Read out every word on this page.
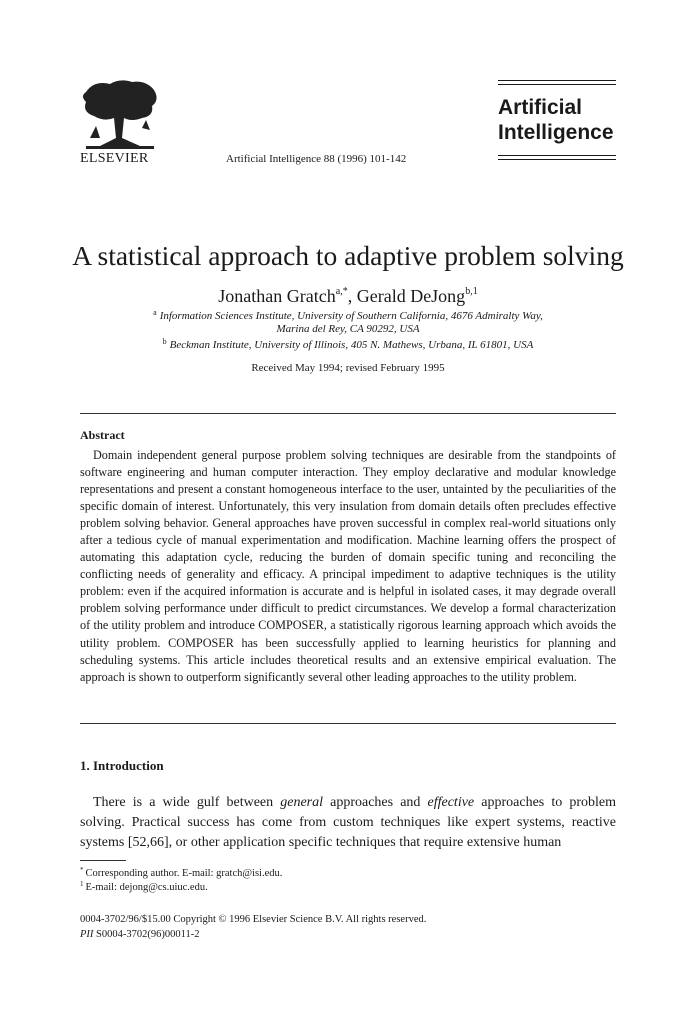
ELSEVIER	Artificial Intelligence 88 (1996) 101-142
Artificial
Intelligence
A statistical approach to adaptive problem solving
Jonathan Gratch$^{a,*}$, Gerald DeJong$^{b,1}$
$^a$ Information Sciences Institute, University of Southern California, 4676 Admiralty Way,
Marina del Rey, CA 90292, USA
$^b$ Beckman Institute, University of Illinois, 405 N. Mathews, Urbana, IL 61801, USA
Received May 1994; revised February 1995
Abstract

Domain independent general purpose problem solving techniques are desirable from the standpoints of software engineering and human computer interaction. They employ declarative and modular knowledge representations and present a constant homogeneous interface to the user, untainted by the peculiarities of the specific domain of interest. Unfortunately, this very insulation from domain details often precludes effective problem solving behavior. General approaches have proven successful in complex real-world situations only after a tedious cycle of manual experimentation and modification. Machine learning offers the prospect of automating this adaptation cycle, reducing the burden of domain specific tuning and reconciling the conflicting needs of generality and efficacy. A principal impediment to adaptive techniques is the utility problem: even if the acquired information is accurate and is helpful in isolated cases, it may degrade overall problem solving performance under difficult to predict circumstances. We develop a formal characterization of the utility problem and introduce COMPOSER, a statistically rigorous learning approach which avoids the utility problem. COMPOSER has been successfully applied to learning heuristics for planning and scheduling systems. This article includes theoretical results and an extensive empirical evaluation. The approach is shown to outperform significantly several other leading approaches to the utility problem.

1. Introduction

There is a wide gulf between general approaches and effective approaches to problem solving. Practical success has come from custom techniques like expert systems, reactive systems [52,66], or other application specific techniques that require extensive human

* Corresponding author. E-mail: gratch@isi.edu.
$^1$ E-mail: dejong@cs.uiuc.edu.
0004-3702/96/$15.00 Copyright © 1996 Elsevier Science B.V. All rights reserved.
PII S0004-3702(96)00011-2
